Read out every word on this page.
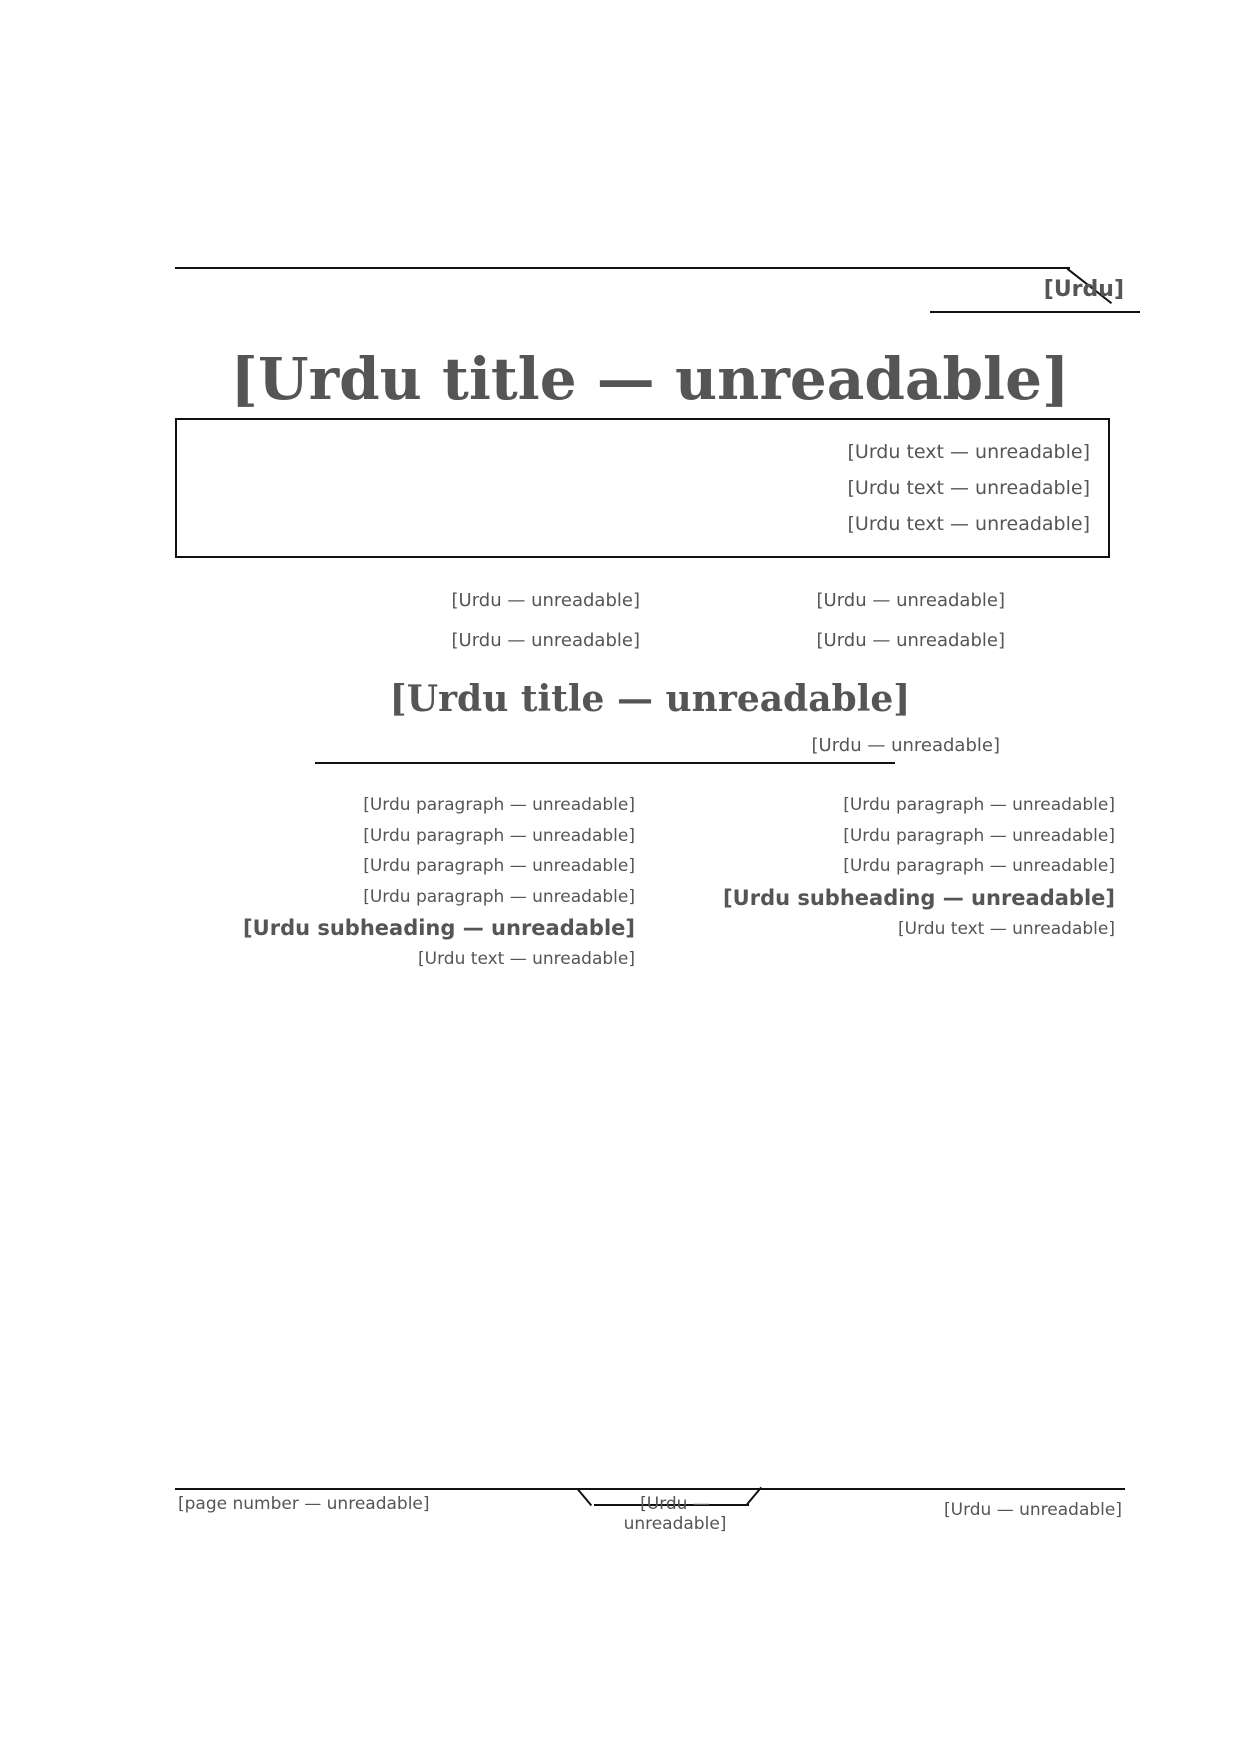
[Urdu]
[Urdu title — unreadable]
[Urdu text — unreadable]
[Urdu text — unreadable]
[Urdu text — unreadable]
[Urdu — unreadable]
[Urdu — unreadable]
[Urdu — unreadable]
[Urdu — unreadable]
[Urdu title — unreadable]
[Urdu — unreadable]

[Urdu paragraph — unreadable]

[Urdu paragraph — unreadable]

[Urdu paragraph — unreadable]

[Urdu subheading — unreadable]

[Urdu text — unreadable]

[Urdu paragraph — unreadable]

[Urdu paragraph — unreadable]

[Urdu paragraph — unreadable]

[Urdu paragraph — unreadable]

[Urdu subheading — unreadable]

[Urdu text — unreadable]

[Urdu — unreadable]
[Urdu — unreadable]
[page number — unreadable]
